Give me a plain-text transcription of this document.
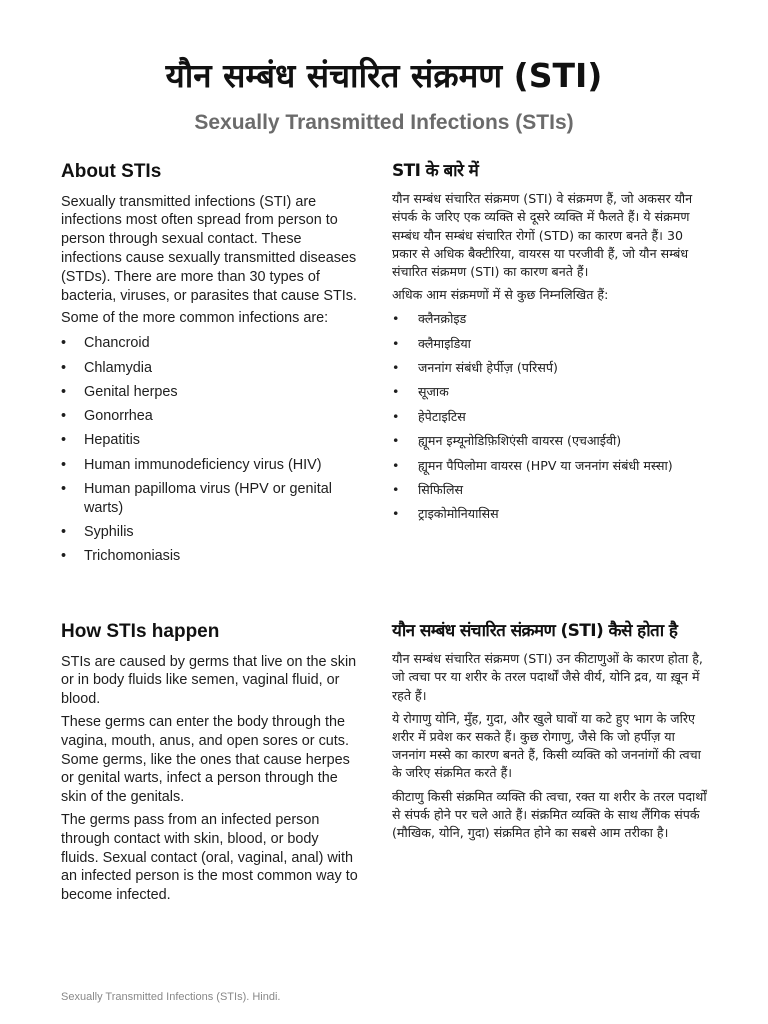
यौन सम्बंध संचारित संक्रमण (STI)
Sexually Transmitted Infections (STIs)
About STIs

Sexually transmitted infections (STI) are infections most often spread from person to person through sexual contact. These infections cause sexually transmitted diseases (STDs). There are more than 30 types of bacteria, viruses, or parasites that cause STIs.

Some of the more common infections are:

• Chancroid
• Chlamydia
• Genital herpes
• Gonorrhea
• Hepatitis
• Human immunodeficiency virus (HIV)
• Human papilloma virus (HPV or genital warts)
• Syphilis
• Trichomoniasis
How STIs happen

STIs are caused by germs that live on the skin or in body fluids like semen, vaginal fluid, or blood.

These germs can enter the body through the vagina, mouth, anus, and open sores or cuts. Some germs, like the ones that cause herpes or genital warts, infect a person through the skin of the genitals.

The germs pass from an infected person through contact with skin, blood, or body fluids. Sexual contact (oral, vaginal, anal) with an infected person is the most common way to become infected.

STI के बारे में

यौन सम्बंध संचारित संक्रमण (STI) वे संक्रमण हैं, जो अकसर यौन संपर्क के जरिए एक व्यक्ति से दूसरे व्यक्ति में फैलते हैं। ये संक्रमण सम्बंध यौन सम्बंध संचारित रोगों (STD) का कारण बनते हैं। 30 प्रकार से अधिक बैक्टीरिया, वायरस या परजीवी हैं, जो यौन सम्बंध संचारित संक्रमण (STI) का कारण बनते हैं।

अधिक आम संक्रमणों में से कुछ निम्नलिखित हैं:

• क्लैनक्रोइड
• क्लैमाइडिया
• जननांग संबंधी हेर्पीज़ (परिसर्प)
• सूजाक
• हेपेटाइटिस
• ह्यूमन इम्यूनोडिफ़िशिएंसी वायरस (एचआईवी)
• ह्यूमन पैपिलोमा वायरस (HPV या जननांग संबंधी मस्सा)
• सिफिलिस
• ट्राइकोमोनियासिस
यौन सम्बंध संचारित संक्रमण (STI) कैसे होता है

यौन सम्बंध संचारित संक्रमण (STI) उन कीटाणुओं के कारण होता है, जो त्वचा पर या शरीर के तरल पदार्थों जैसे वीर्य, योनि द्रव, या ख़ून में रहते हैं।

ये रोगाणु योनि, मुँह, गुदा, और खुले घावों या कटे हुए भाग के जरिए शरीर में प्रवेश कर सकते हैं। कुछ रोगाणु, जैसे कि जो हर्पीज़ या जननांग मस्से का कारण बनते हैं, किसी व्यक्ति को जननांगों की त्वचा के जरिए संक्रमित करते हैं।

कीटाणु किसी संक्रमित व्यक्ति की त्वचा, रक्त या शरीर के तरल पदार्थों से संपर्क होने पर चले आते हैं। संक्रमित व्यक्ति के साथ लैंगिक संपर्क (मौखिक, योनि, गुदा) संक्रमित होने का सबसे आम तरीका है।

Sexually Transmitted Infections (STIs). Hindi.
